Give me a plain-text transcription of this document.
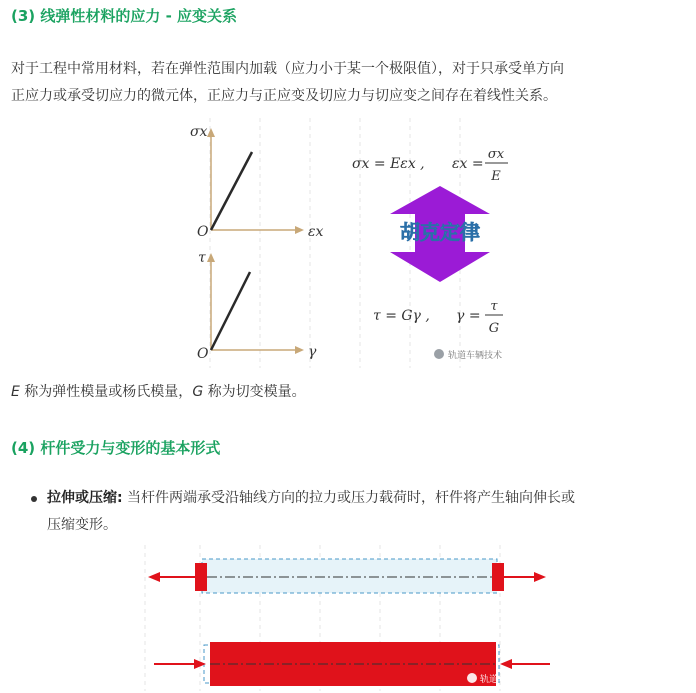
(3) 线弹性材料的应力 - 应变关系

对于工程中常用材料，若在弹性范围内加载（应力小于某一个极限值），对于只承受单方向

正应力或承受切应力的微元体，正应力与正应变及切应力与切应变之间存在着线性关系。

σx
εx
O
τ
γ
O
σx = Eεx , εx =
σx
E
胡克定律
τ = Gγ , γ =
τ
G
轨道车辆技术

E 称为弹性模量或杨氏模量，G 称为切变模量。

(4) 杆件受力与变形的基本形式

拉伸或压缩: 当杆件两端承受沿轴线方向的拉力或压力载荷时，杆件将产生轴向伸长或

压缩变形。

轨道车辆技术
